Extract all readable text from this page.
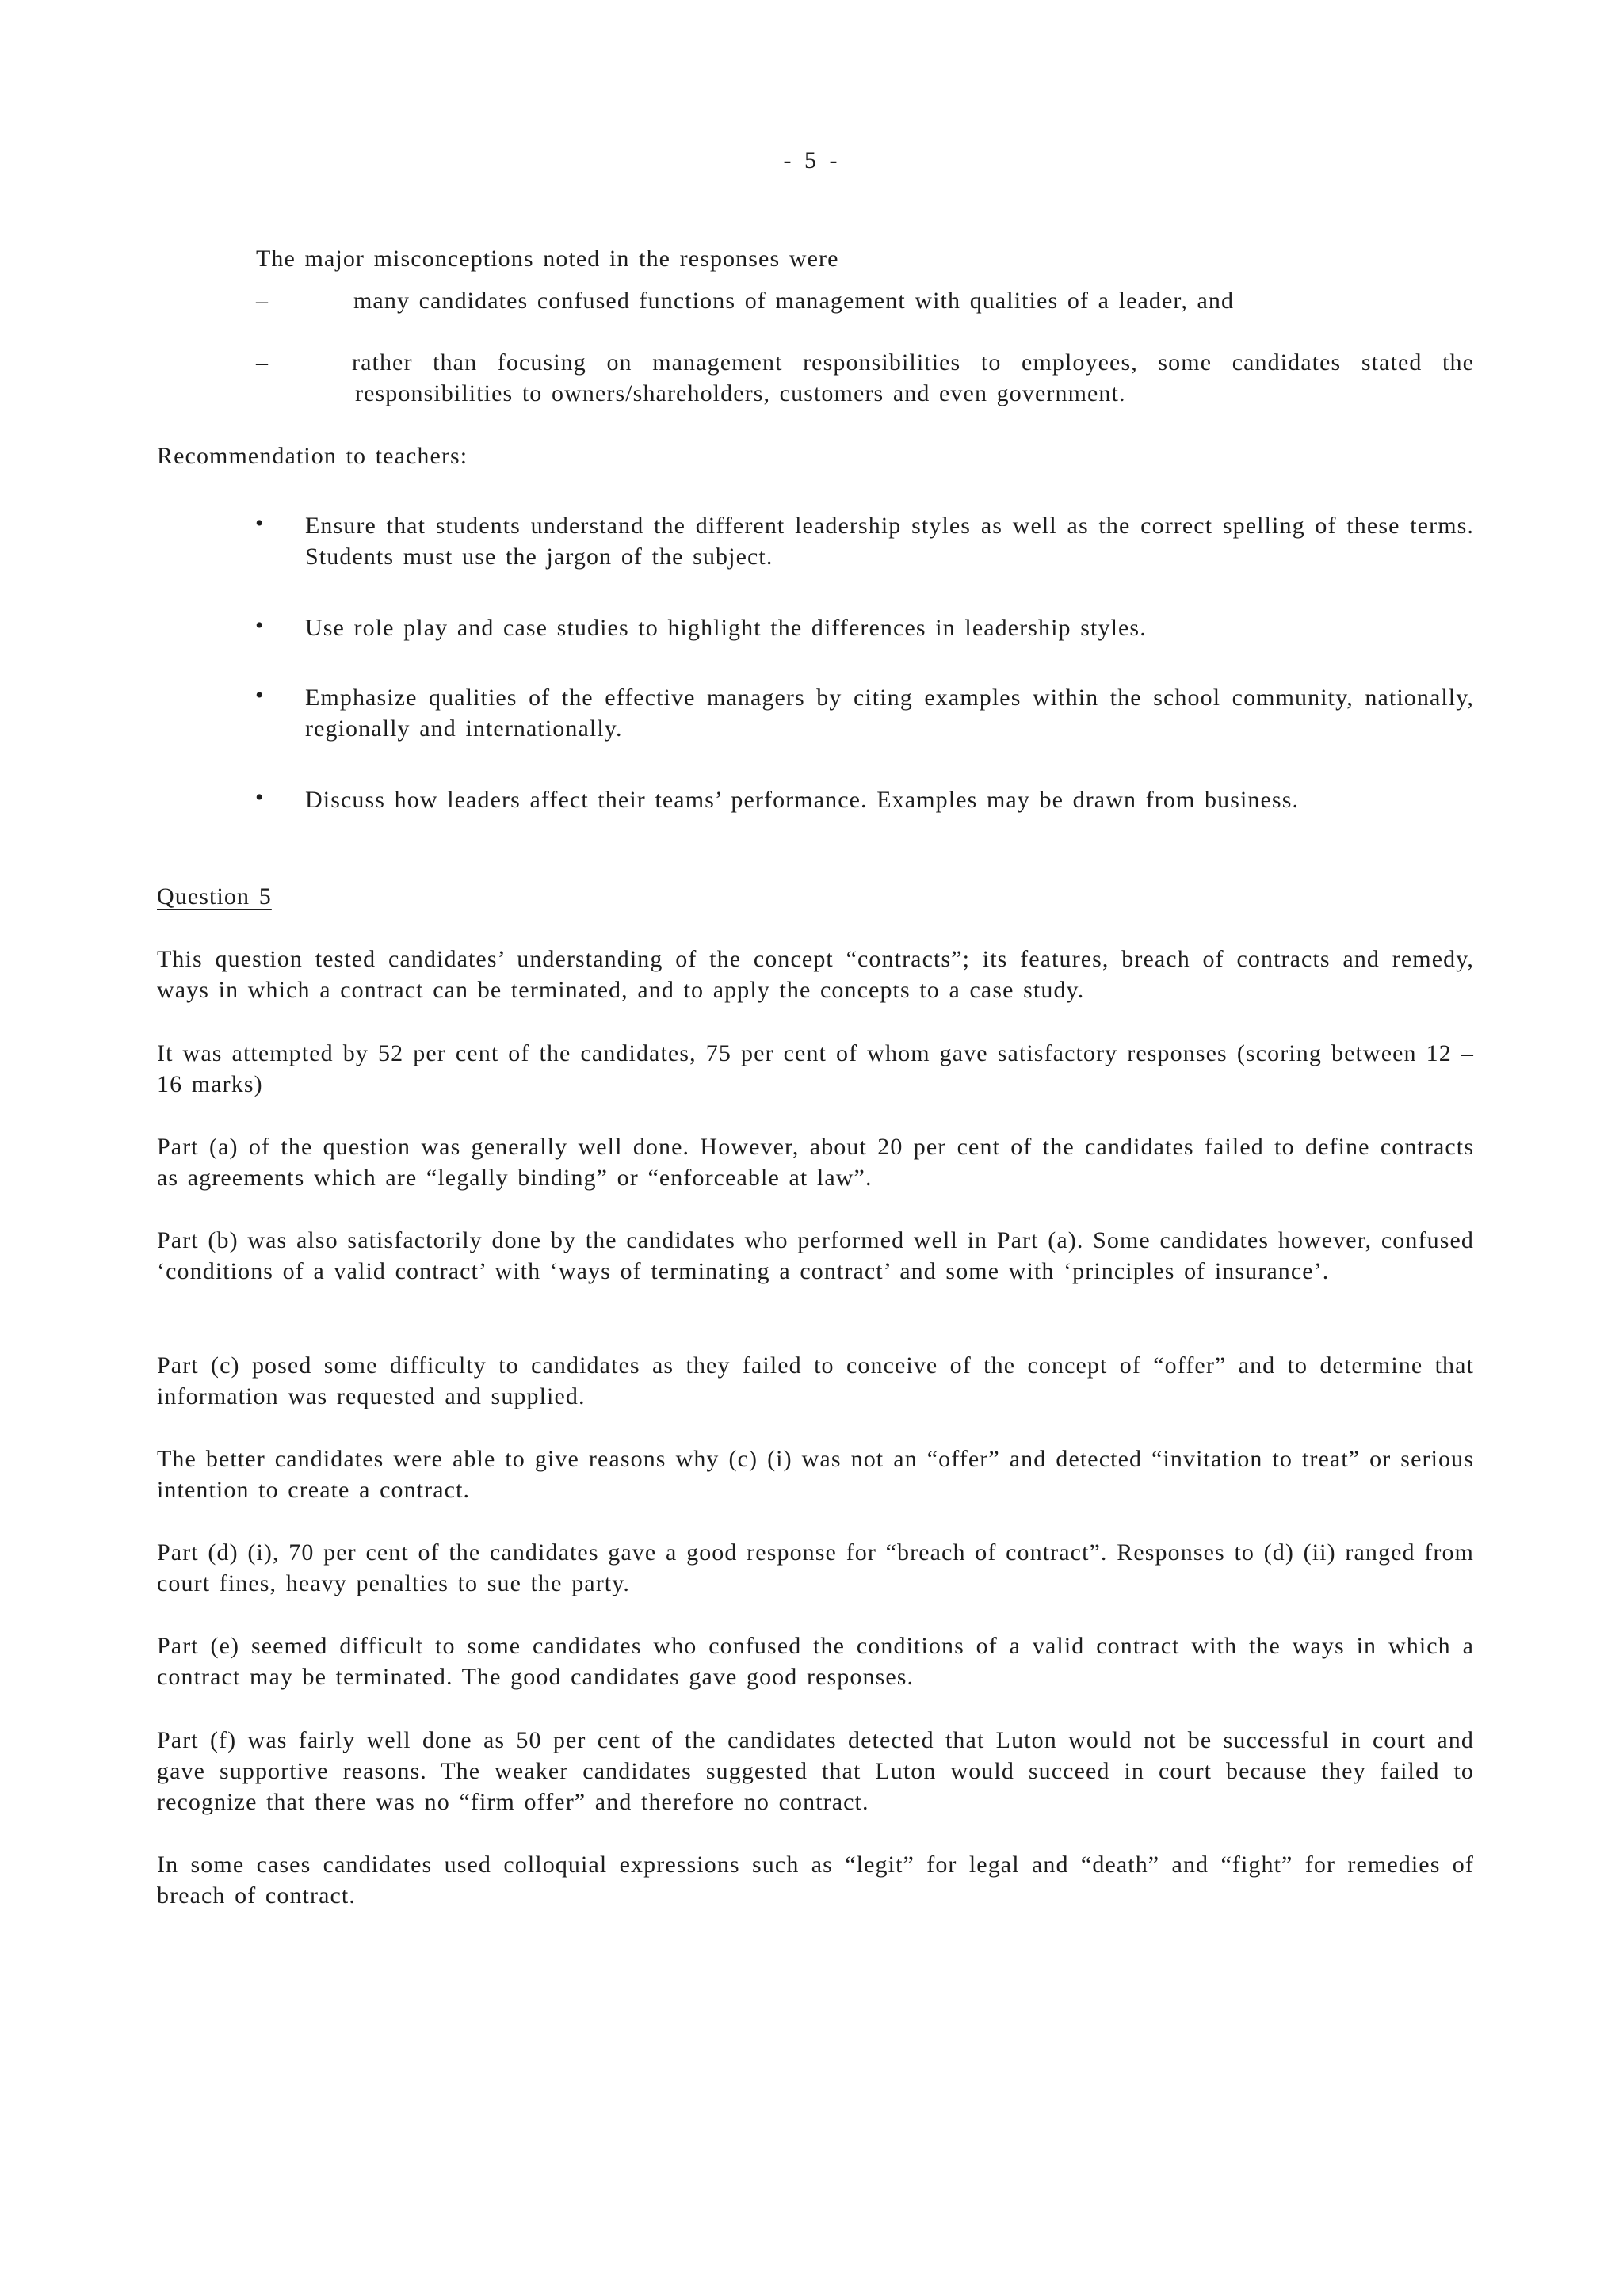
- 5 -

The major misconceptions noted in the responses were

–	many candidates confused functions of management with qualities of a leader, and
–	rather than focusing on management responsibilities to employees, some candidates stated the responsibilities to owners/shareholders, customers and even government.

Recommendation to teachers:

• Ensure that students understand the different leadership styles as well as the correct spelling of these terms. Students must use the jargon of the subject.
• Use role play and case studies to highlight the differences in leadership styles.
• Emphasize qualities of the effective managers by citing examples within the school community, nationally, regionally and internationally.
• Discuss how leaders affect their teams’ performance. Examples may be drawn from business.

Question 5

This question tested candidates’ understanding of the concept “contracts”; its features, breach of contracts and remedy, ways in which a contract can be terminated, and to apply the concepts to a case study.

It was attempted by 52 per cent of the candidates, 75 per cent of whom gave satisfactory responses (scoring between 12 – 16 marks)

Part (a) of the question was generally well done. However, about 20 per cent of the candidates failed to define contracts as agreements which are “legally binding” or “enforceable at law”.

Part (b) was also satisfactorily done by the candidates who performed well in Part (a). Some candidates however, confused ‘conditions of a valid contract’ with ‘ways of terminating a contract’ and some with ‘principles of insurance’.

Part (c) posed some difficulty to candidates as they failed to conceive of the concept of “offer” and to determine that information was requested and supplied.

The better candidates were able to give reasons why (c) (i) was not an “offer” and detected “invitation to treat” or serious intention to create a contract.

Part (d) (i), 70 per cent of the candidates gave a good response for “breach of contract”. Responses to (d) (ii) ranged from court fines, heavy penalties to sue the party.

Part (e) seemed difficult to some candidates who confused the conditions of a valid contract with the ways in which a contract may be terminated. The good candidates gave good responses.

Part (f) was fairly well done as 50 per cent of the candidates detected that Luton would not be successful in court and gave supportive reasons. The weaker candidates suggested that Luton would succeed in court because they failed to recognize that there was no “firm offer” and therefore no contract.

In some cases candidates used colloquial expressions such as “legit” for legal and “death” and “fight” for remedies of breach of contract.
